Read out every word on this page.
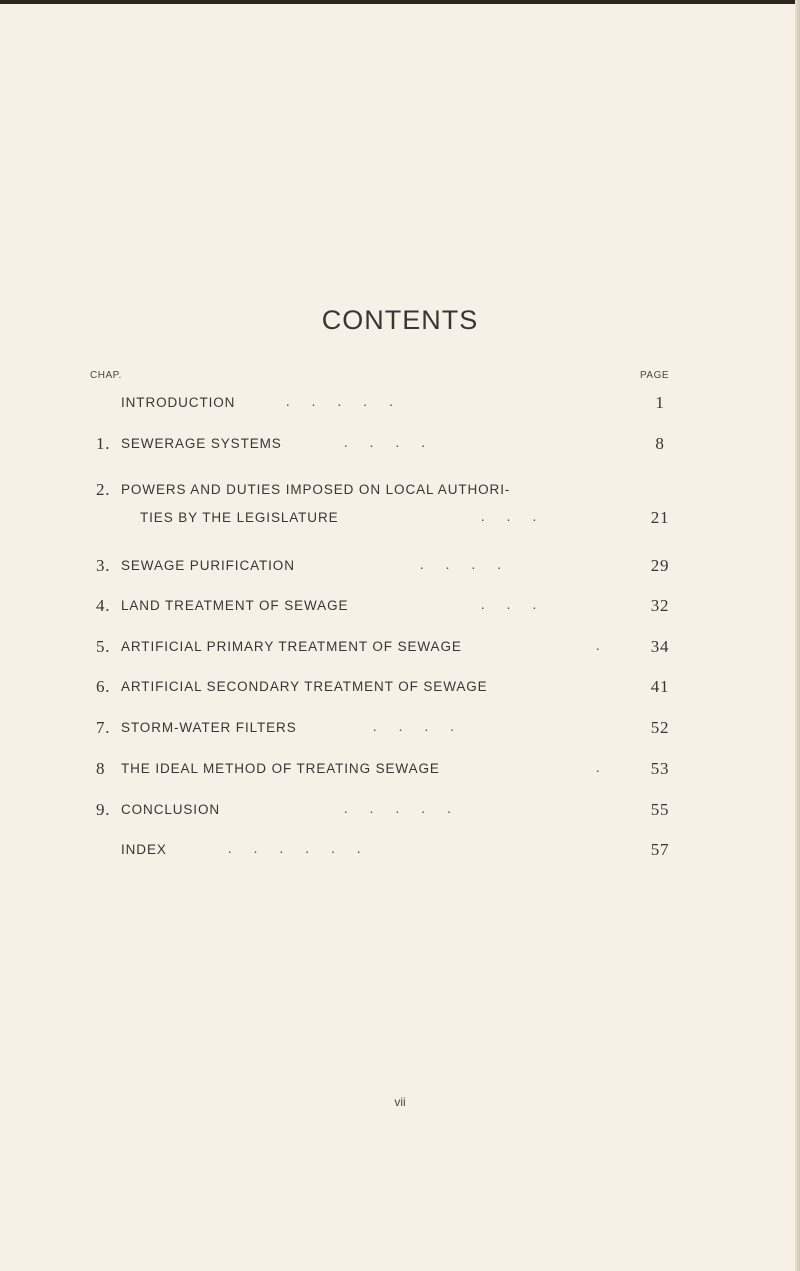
CONTENTS
CHAP.	PAGE
INTRODUCTION	.     .     .     .     .	1
1. SEWERAGE SYSTEMS	.     .     .     .	8
2. POWERS AND DUTIES IMPOSED ON LOCAL AUTHORI-
TIES BY THE LEGISLATURE	.     .     .	21
3. SEWAGE PURIFICATION	.     .     .     .	29
4. LAND TREATMENT OF SEWAGE	.     .     .	32
5. ARTIFICIAL PRIMARY TREATMENT OF SEWAGE	.	34
6. ARTIFICIAL SECONDARY TREATMENT OF SEWAGE	41
7. STORM-WATER FILTERS	.     .     .     .	52
8	THE IDEAL METHOD OF TREATING SEWAGE	.	53
9. CONCLUSION	.     .     .     .     .	55
INDEX	.     .     .     .     .     .	57
vii
